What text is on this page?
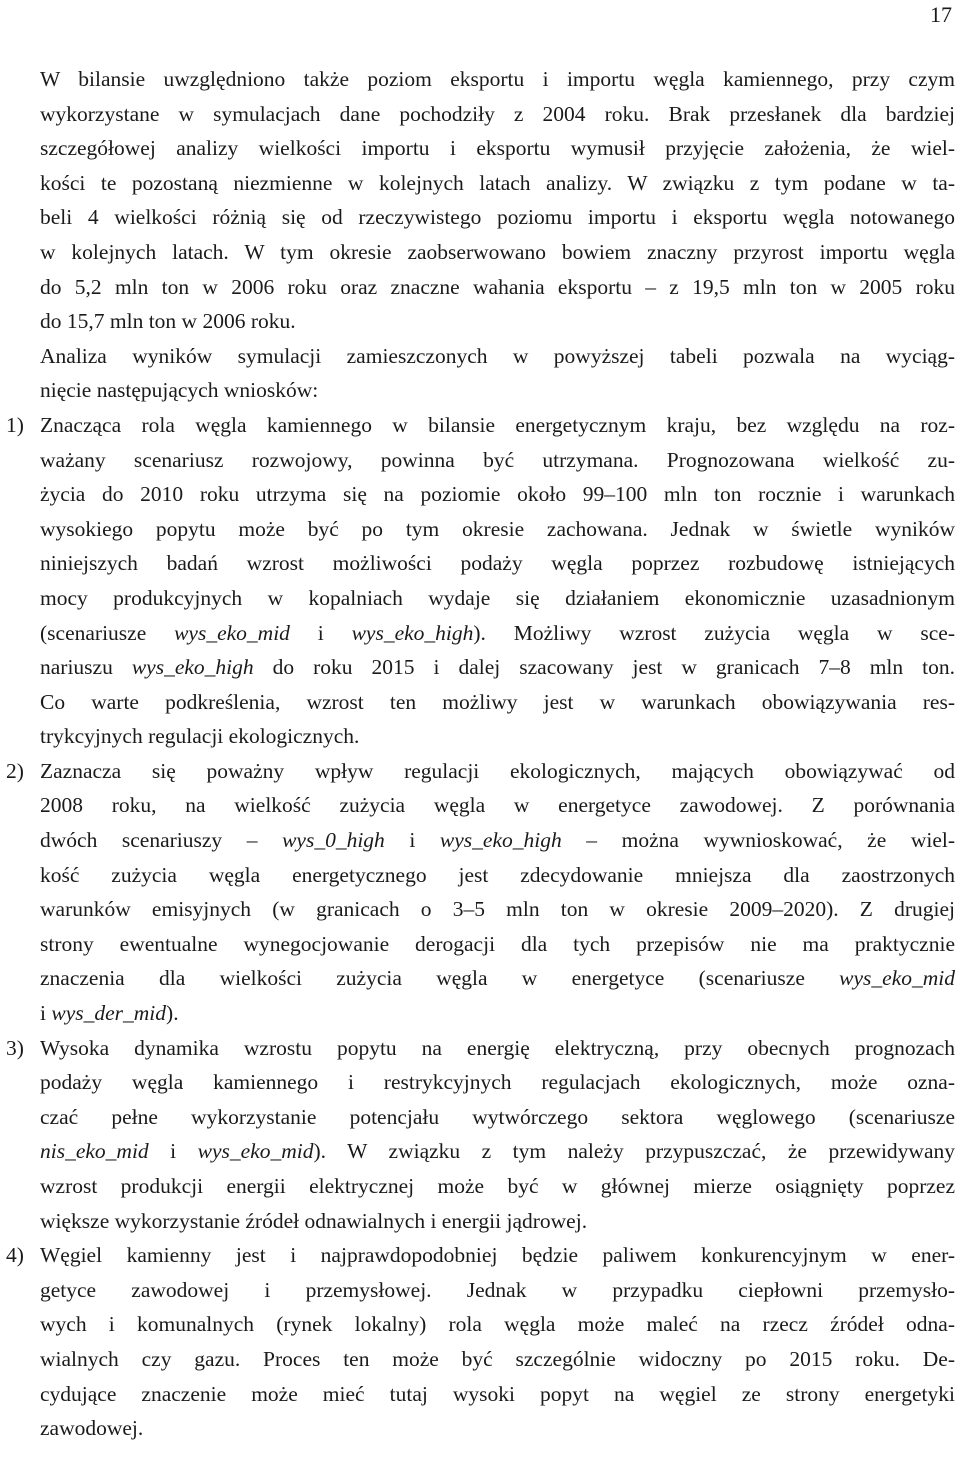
17
W bilansie uwzględniono także poziom eksportu i importu węgla kamiennego, przy czym
wykorzystane w symulacjach dane pochodziły z 2004 roku. Brak przesłanek dla bardziej
szczegółowej analizy wielkości importu i eksportu wymusił przyjęcie założenia, że wiel-
kości te pozostaną niezmienne w kolejnych latach analizy. W związku z tym podane w ta-
beli 4 wielkości różnią się od rzeczywistego poziomu importu i eksportu węgla notowanego
w kolejnych latach. W tym okresie zaobserwowano bowiem znaczny przyrost importu węgla
do 5,2 mln ton w 2006 roku oraz znaczne wahania eksportu – z 19,5 mln ton w 2005 roku
do 15,7 mln ton w 2006 roku.
Analiza wyników symulacji zamieszczonych w powyższej tabeli pozwala na wyciąg-
nięcie następujących wniosków:
1) Znacząca rola węgla kamiennego w bilansie energetycznym kraju, bez względu na roz-
ważany scenariusz rozwojowy, powinna być utrzymana. Prognozowana wielkość zu-
życia do 2010 roku utrzyma się na poziomie około 99–100 mln ton rocznie i warunkach
wysokiego popytu może być po tym okresie zachowana. Jednak w świetle wyników
niniejszych badań wzrost możliwości podaży węgla poprzez rozbudowę istniejących
mocy produkcyjnych w kopalniach wydaje się działaniem ekonomicznie uzasadnionym
(scenariusze wys_eko_mid i wys_eko_high). Możliwy wzrost zużycia węgla w sce-
nariuszu wys_eko_high do roku 2015 i dalej szacowany jest w granicach 7–8 mln ton.
Co warte podkreślenia, wzrost ten możliwy jest w warunkach obowiązywania res-
trykcyjnych regulacji ekologicznych.
2) Zaznacza się poważny wpływ regulacji ekologicznych, mających obowiązywać od
2008 roku, na wielkość zużycia węgla w energetyce zawodowej. Z porównania
dwóch scenariuszy – wys_0_high i wys_eko_high – można wywnioskować, że wiel-
kość zużycia węgla energetycznego jest zdecydowanie mniejsza dla zaostrzonych
warunków emisyjnych (w granicach o 3–5 mln ton w okresie 2009–2020). Z drugiej
strony ewentualne wynegocjowanie derogacji dla tych przepisów nie ma praktycznie
znaczenia dla wielkości zużycia węgla w energetyce (scenariusze wys_eko_mid
i wys_der_mid).
3) Wysoka dynamika wzrostu popytu na energię elektryczną, przy obecnych prognozach
podaży węgla kamiennego i restrykcyjnych regulacjach ekologicznych, może ozna-
czać pełne wykorzystanie potencjału wytwórczego sektora węglowego (scenariusze
nis_eko_mid i wys_eko_mid). W związku z tym należy przypuszczać, że przewidywany
wzrost produkcji energii elektrycznej może być w głównej mierze osiągnięty poprzez
większe wykorzystanie źródeł odnawialnych i energii jądrowej.
4) Węgiel kamienny jest i najprawdopodobniej będzie paliwem konkurencyjnym w ener-
getyce zawodowej i przemysłowej. Jednak w przypadku ciepłowni przemysło-
wych i komunalnych (rynek lokalny) rola węgla może maleć na rzecz źródeł odna-
wialnych czy gazu. Proces ten może być szczególnie widoczny po 2015 roku. De-
cydujące znaczenie może mieć tutaj wysoki popyt na węgiel ze strony energetyki
zawodowej.
